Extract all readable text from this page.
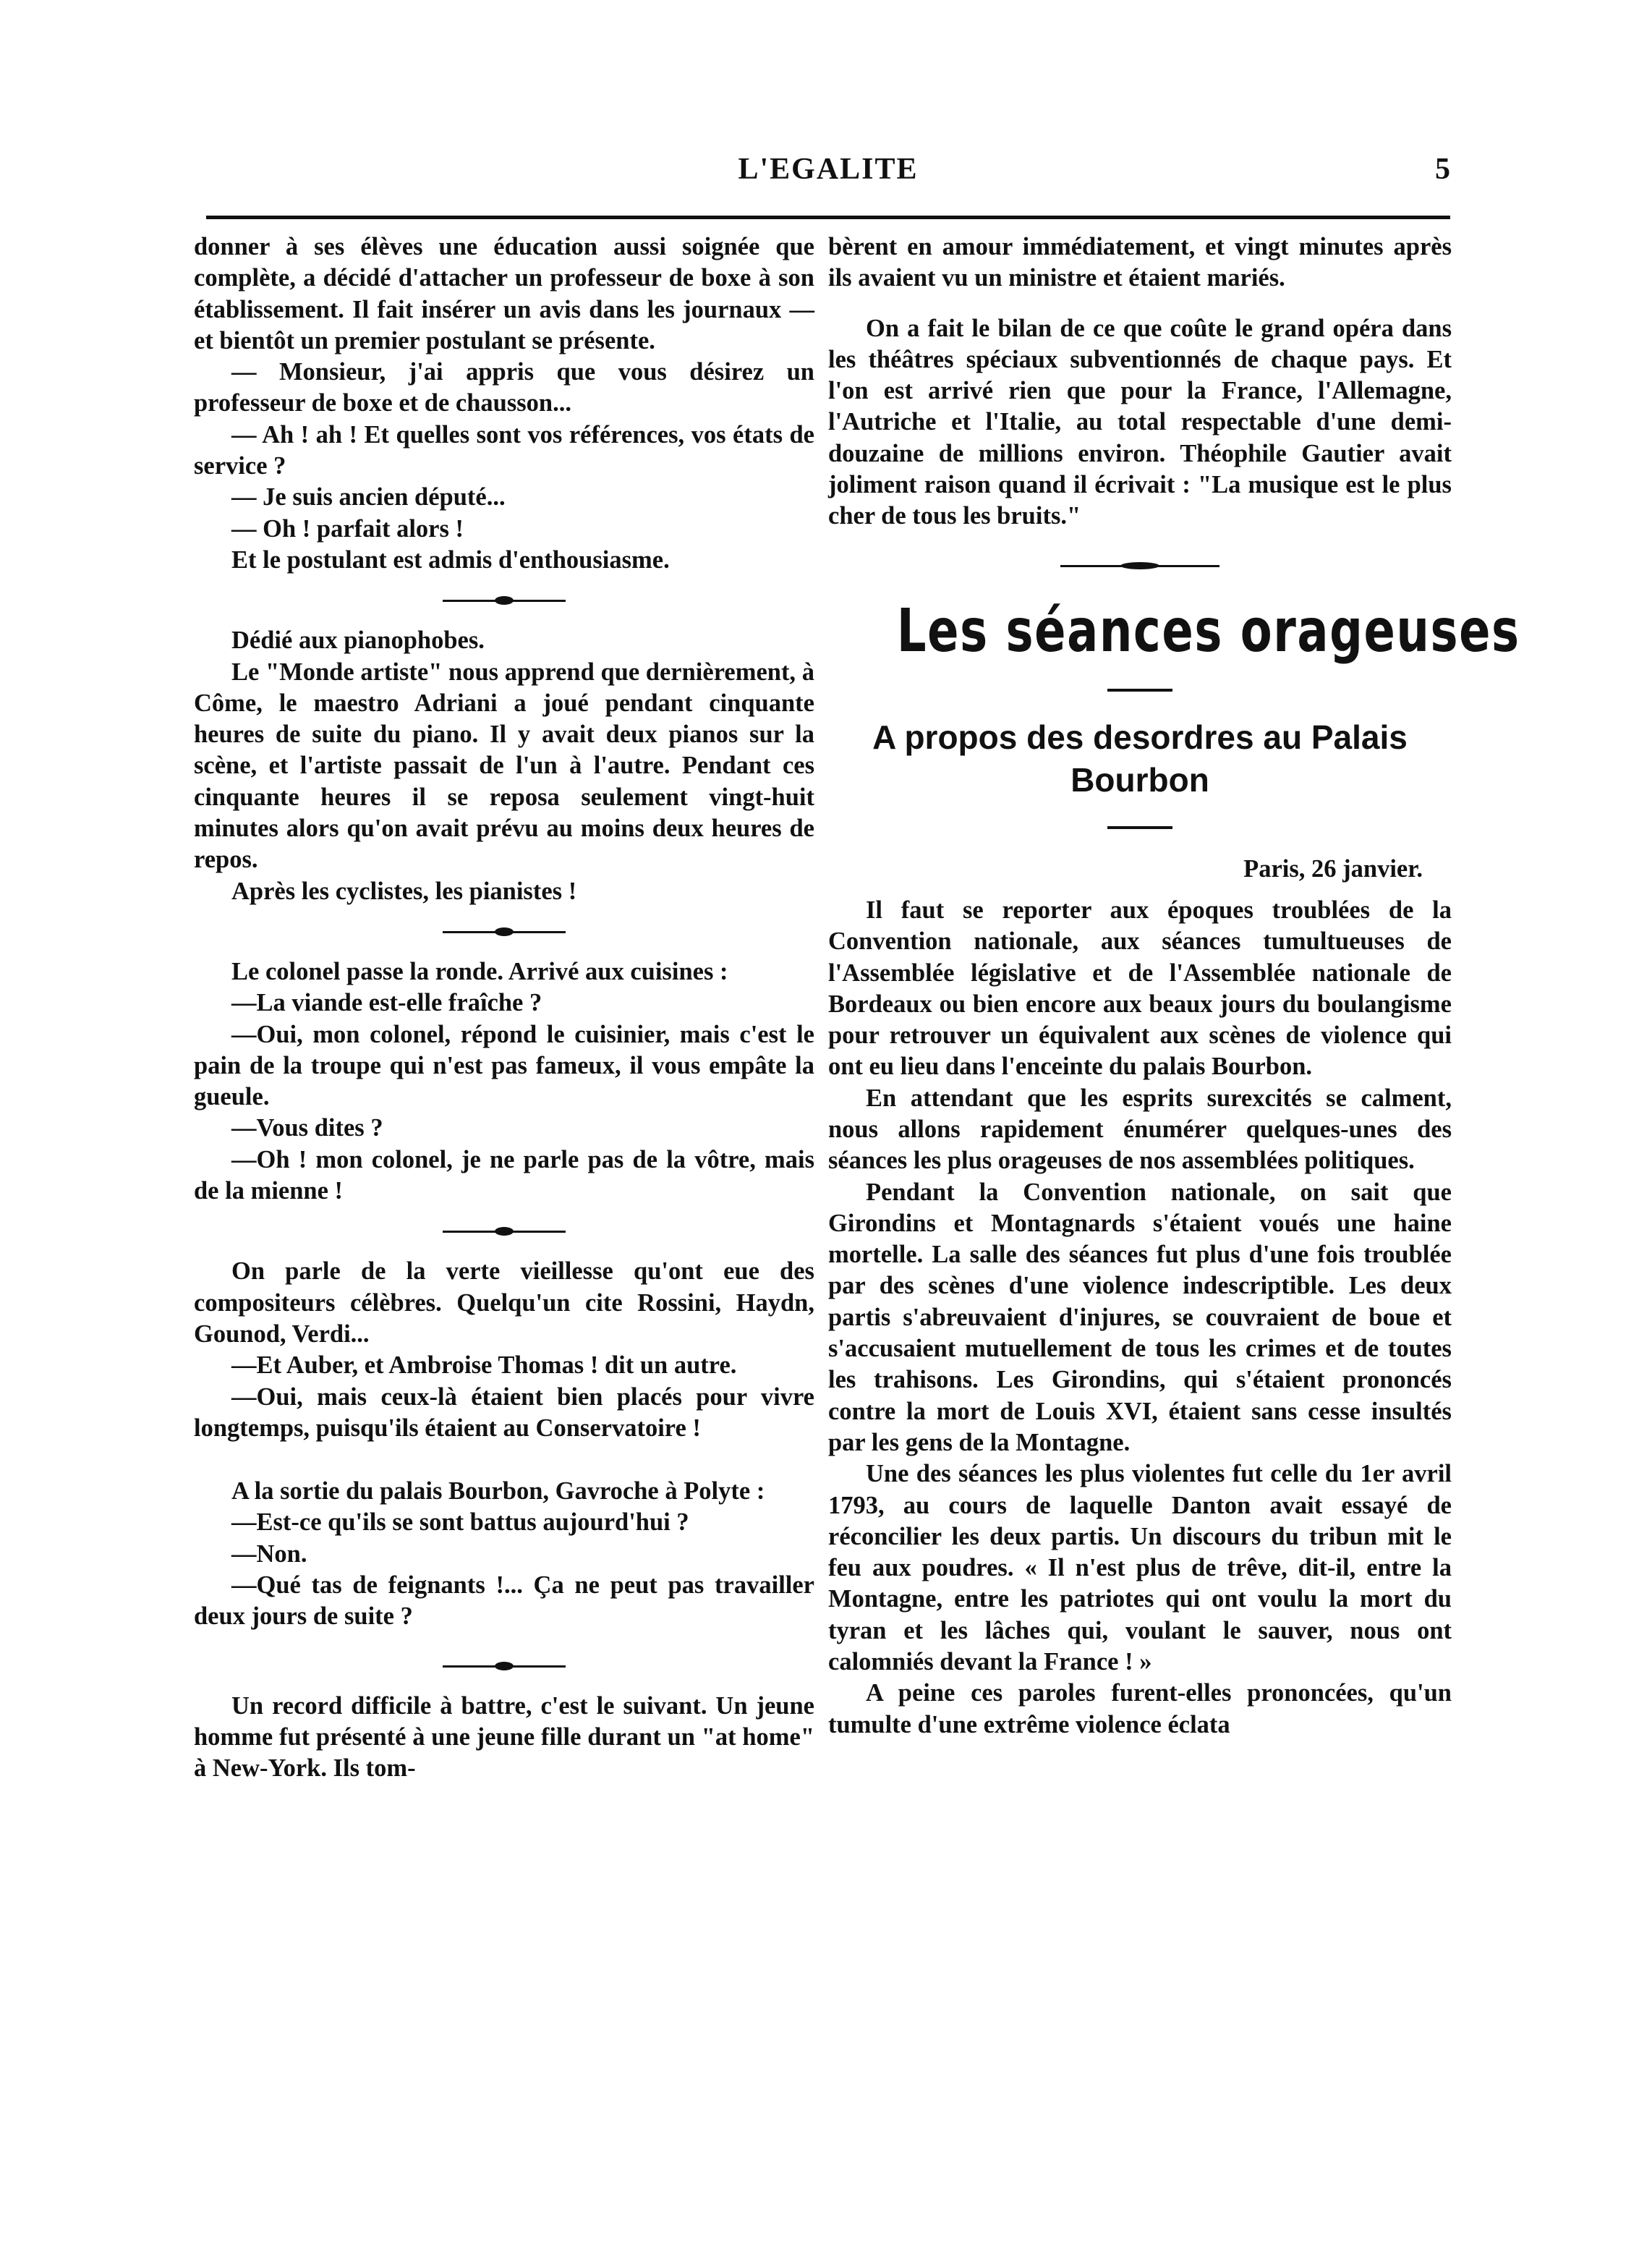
L'EGALITE	5

donner à ses élèves une éducation aussi soignée que complète, a décidé d'attacher un professeur de boxe à son établissement. Il fait insérer un avis dans les journaux — et bientôt un premier postulant se présente.

— Monsieur, j'ai appris que vous désirez un professeur de boxe et de chausson...

— Ah ! ah ! Et quelles sont vos références, vos états de service ?

— Je suis ancien député...

— Oh ! parfait alors !

Et le postulant est admis d'enthousiasme.

Dédié aux pianophobes.

Le "Monde artiste" nous apprend que dernièrement, à Côme, le maestro Adriani a joué pendant cinquante heures de suite du piano. Il y avait deux pianos sur la scène, et l'artiste passait de l'un à l'autre. Pendant ces cinquante heures il se reposa seulement vingt-huit minutes alors qu'on avait prévu au moins deux heures de repos.

Après les cyclistes, les pianistes !

Le colonel passe la ronde. Arrivé aux cuisines :

—La viande est-elle fraîche ?

—Oui, mon colonel, répond le cuisinier, mais c'est le pain de la troupe qui n'est pas fameux, il vous empâte la gueule.

—Vous dites ?

—Oh ! mon colonel, je ne parle pas de la vôtre, mais de la mienne !

On parle de la verte vieillesse qu'ont eue des compositeurs célèbres. Quelqu'un cite Rossini, Haydn, Gounod, Verdi...

—Et Auber, et Ambroise Thomas ! dit un autre.

—Oui, mais ceux-là étaient bien placés pour vivre longtemps, puisqu'ils étaient au Conservatoire !

A la sortie du palais Bourbon, Gavroche à Polyte :

—Est-ce qu'ils se sont battus aujourd'hui ?

—Non.

—Qué tas de feignants !... Ça ne peut pas travailler deux jours de suite ?

Un record difficile à battre, c'est le suivant. Un jeune homme fut présenté à une jeune fille durant un "at home" à New-York. Ils tom-

bèrent en amour immédiatement, et vingt minutes après ils avaient vu un ministre et étaient mariés.

On a fait le bilan de ce que coûte le grand opéra dans les théâtres spéciaux subventionnés de chaque pays. Et l'on est arrivé rien que pour la France, l'Allemagne, l'Autriche et l'Italie, au total respectable d'une demi-douzaine de millions environ. Théophile Gautier avait joliment raison quand il écrivait : "La musique est le plus cher de tous les bruits."

Les séances orageuses
A propos des desordres au Palais Bourbon

Paris, 26 janvier.

Il faut se reporter aux époques troublées de la Convention nationale, aux séances tumultueuses de l'Assemblée législative et de l'Assemblée nationale de Bordeaux ou bien encore aux beaux jours du boulangisme pour retrouver un équivalent aux scènes de violence qui ont eu lieu dans l'enceinte du palais Bourbon.

En attendant que les esprits surexcités se calment, nous allons rapidement énumérer quelques-unes des séances les plus orageuses de nos assemblées politiques.

Pendant la Convention nationale, on sait que Girondins et Montagnards s'étaient voués une haine mortelle. La salle des séances fut plus d'une fois troublée par des scènes d'une violence indescriptible. Les deux partis s'abreuvaient d'injures, se couvraient de boue et s'accusaient mutuellement de tous les crimes et de toutes les trahisons. Les Girondins, qui s'étaient prononcés contre la mort de Louis XVI, étaient sans cesse insultés par les gens de la Montagne.

Une des séances les plus violentes fut celle du 1er avril 1793, au cours de laquelle Danton avait essayé de réconcilier les deux partis. Un discours du tribun mit le feu aux poudres. « Il n'est plus de trêve, dit-il, entre la Montagne, entre les patriotes qui ont voulu la mort du tyran et les lâches qui, voulant le sauver, nous ont calomniés devant la France ! »

A peine ces paroles furent-elles prononcées, qu'un tumulte d'une extrême violence éclata
